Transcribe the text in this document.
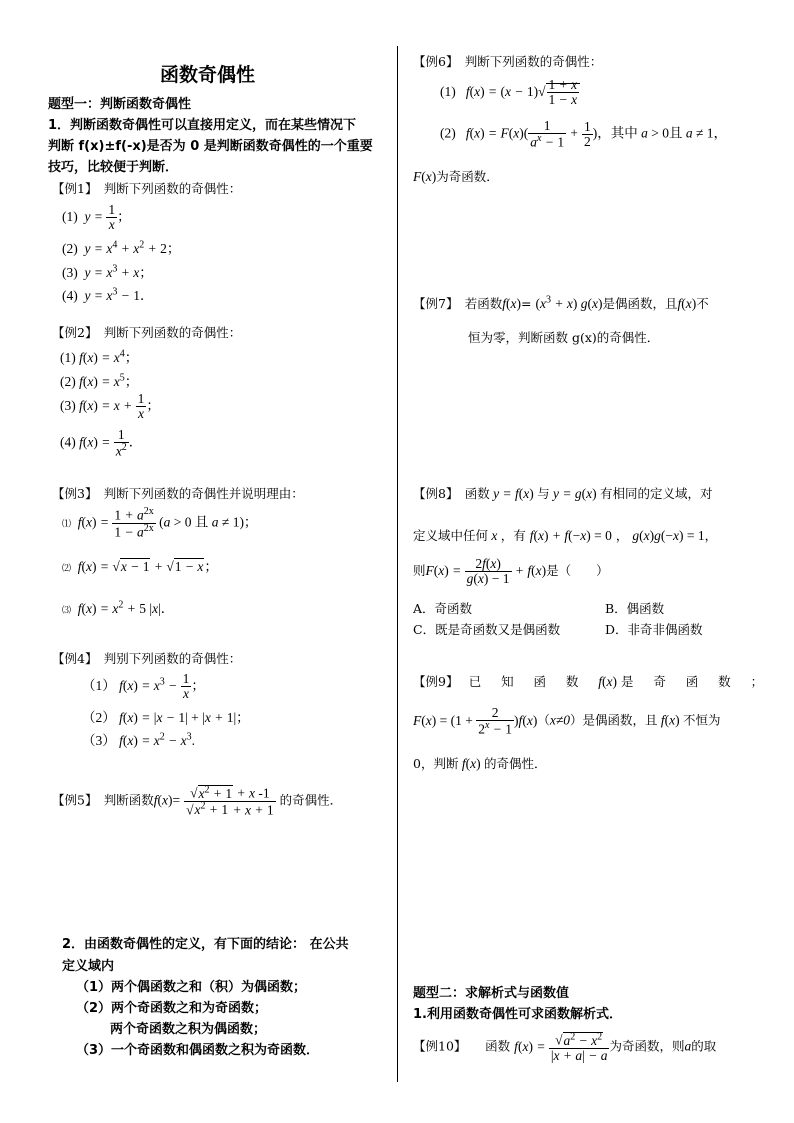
函数奇偶性
题型一：判断函数奇偶性
1．判断函数奇偶性可以直接用定义，而在某些情况下
判断 f(x)±f(-x)是否为 0 是判断函数奇偶性的一个重要
技巧，比较便于判断．
【例1】　 判断下列函数的奇偶性：
(1)  $y = \frac{1}{x}$ ；
(2)  $y = x^4 + x^2 + 2$；
(3)  $y = x^3 + x$；
(4)  $y = x^3 - 1$．
【例2】　 判断下列函数的奇偶性：
(1) $f(x) = x^4$；
(2) $f(x) = x^5$；
(3) $f(x) = x + \frac{1}{x}$ ；
(4) $f(x) = \frac{1}{x^2}$ ．
【例3】　 判断下列函数的奇偶性并说明理由：
⑴  $f(x) = \frac{1 + a^{2x}}{1 - a^{2x}} (a > 0$ 且 a ≠ 1)；
⑵  f(x) = √x − 1 + √1 − x；
⑶  $f(x) = x^2 + 5$ |x|．
【例4】　 判别下列函数的奇偶性：
（1） $f(x) = x^3 - \frac{1}{x}$ ；
（2） f(x) = |x − 1| + |x + 1|；
（3） $f(x) = x^2 - x^3$.
【例5】　 判断函数$f(x)= \frac{√x^2 + 1 + x -1}{√x^2 + 1 + x + 1}$ 的奇偶性．
2．由函数奇偶性的定义，有下面的结论： 在公共
定义域内
（1）两个偶函数之和（积）为偶函数；
（2）两个奇函数之和为奇函数；
两个奇函数之积为偶函数；
（3）一个奇函数和偶函数之积为奇函数．
【例6】　 判断下列函数的奇偶性：
(1)   $f(x) = (x - 1)√ \frac{1 + x}{1 - x}$
(2)   $f(x) = F(x)( \frac{1}{a^x - 1} + \frac{1}{2}$ )，其中 a > 0且 a ≠ 1，
F(x)为奇函数．
【例7】　 若函数$f(x)= (x^3 + x)$ g(x)是偶函数，且f(x)不
恒为零，判断函数 g(x)的奇偶性．
【例8】　 函数 y = f(x) 与 y = g(x) 有相同的定义域，对
定义域中任何 x ，有 f(x) + f(−x) = 0 ， g(x)g(−x) = 1，
则$F(x) = \frac{2f(x)}{g(x) - 1} + f(x)$是（　　）
A．奇函数	B．偶函数
C．既是奇函数又是偶函数	D．非奇非偶函数
【例9】　 已 知 函 数 f(x) 是 奇 函 数 ；
$F(x) = (1 + \frac{2}{2^x - 1} )f(x)(x\ne 0)$是偶函数，且 f(x) 不恒为
0，判断 f(x) 的奇偶性．
题型二：求解析式与函数值
1.利用函数奇偶性可求函数解析式．
【例10】　　 函数 $f(x) = \frac{√a^2 - x^2}{|x + a| - a}$ 为奇函数，则a的取
